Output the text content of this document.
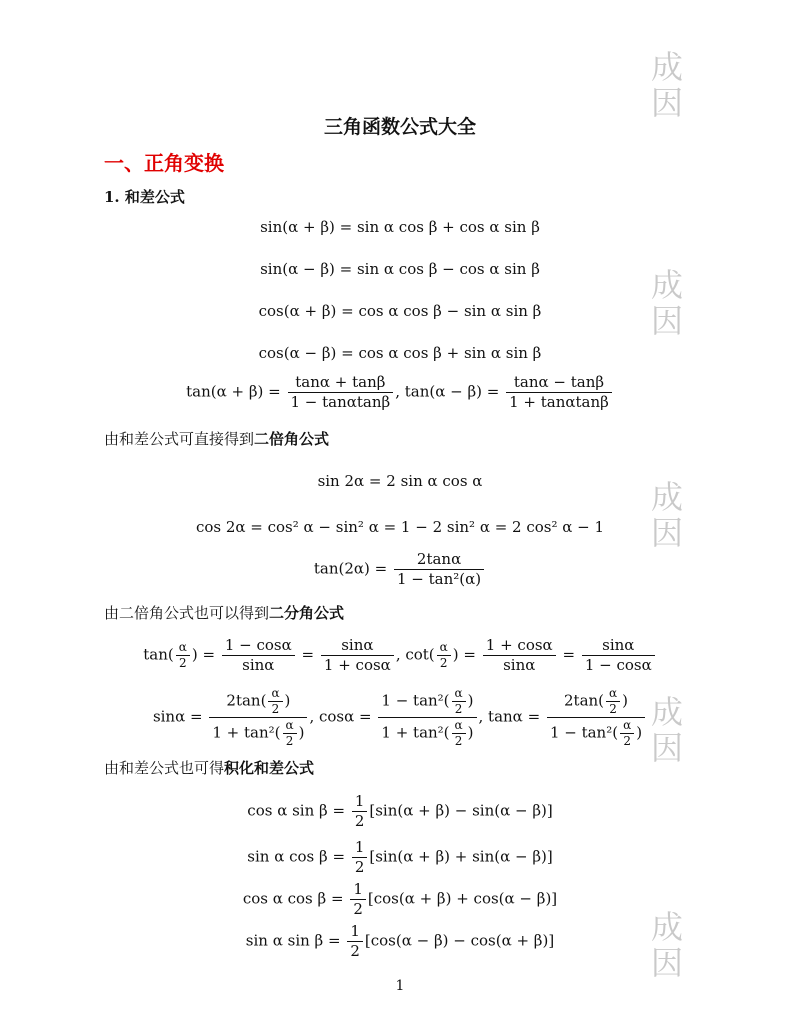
三角函数公式大全
一、正角变换
1. 和差公式
sin(α + β) = sin α cos β + cos α sin β
sin(α − β) = sin α cos β − cos α sin β
cos(α + β) = cos α cos β − sin α sin β
cos(α − β) = cos α cos β + sin α sin β
$\tan(\alpha + \beta) = \frac{\tan\alpha + \tan\beta}{1 - \tan\alpha\tan\beta}$ , $\tan(\alpha - \beta) = \frac{\tan\alpha - \tan\beta}{1 + \tan\alpha\tan\beta}$
由和差公式可直接得到二倍角公式
sin 2α = 2 sin α cos α
cos 2α = cos² α − sin² α = 1 − 2 sin² α = 2 cos² α − 1
$\tan(2\alpha) = \frac{2\tan\alpha}{\text{1 − tan²(α)}}$
由二倍角公式也可以得到二分角公式
$\tan( \frac{\alpha}{2}$ ) = $\frac{1 - \cos\alpha}{\sin\alpha} = \frac{\sin\alpha}{1 + \cos\alpha}$ , $\cot( \frac{\alpha}{2}$ ) = $\frac{1 + \cos\alpha}{\sin\alpha} = \frac{\sin\alpha}{1 - \cos\alpha}$
$\sin\alpha = \frac{2\tan( \frac{\alpha}{2} )}{1 + \tan^2( \frac{\alpha}{2} )}$ , $\cos\alpha = \frac{1 - \tan^2( \frac{\alpha}{2} )}{1 + \tan^2( \frac{\alpha}{2} )}$ , $\tan\alpha = \frac{2\tan( \frac{\alpha}{2} )}{1 - \tan^2( \frac{\alpha}{2} )}$
由和差公式也可得积化和差公式
cos α $\sin \beta = \frac{1}{2} [\sin(\alpha + \beta) - \sin(\alpha - \beta)]$
sin α $\cos \beta = \frac{1}{2} [\sin(\alpha + \beta) + \sin(\alpha - \beta)]$
cos α $\cos \beta = \frac{1}{2} [\cos(\alpha + \beta) + \cos(\alpha - \beta)]$
sin α $\sin \beta = \frac{1}{2} [\cos(\alpha - \beta) - \cos(\alpha + \beta)]$
1
成因
成因
成因
成因
成因
